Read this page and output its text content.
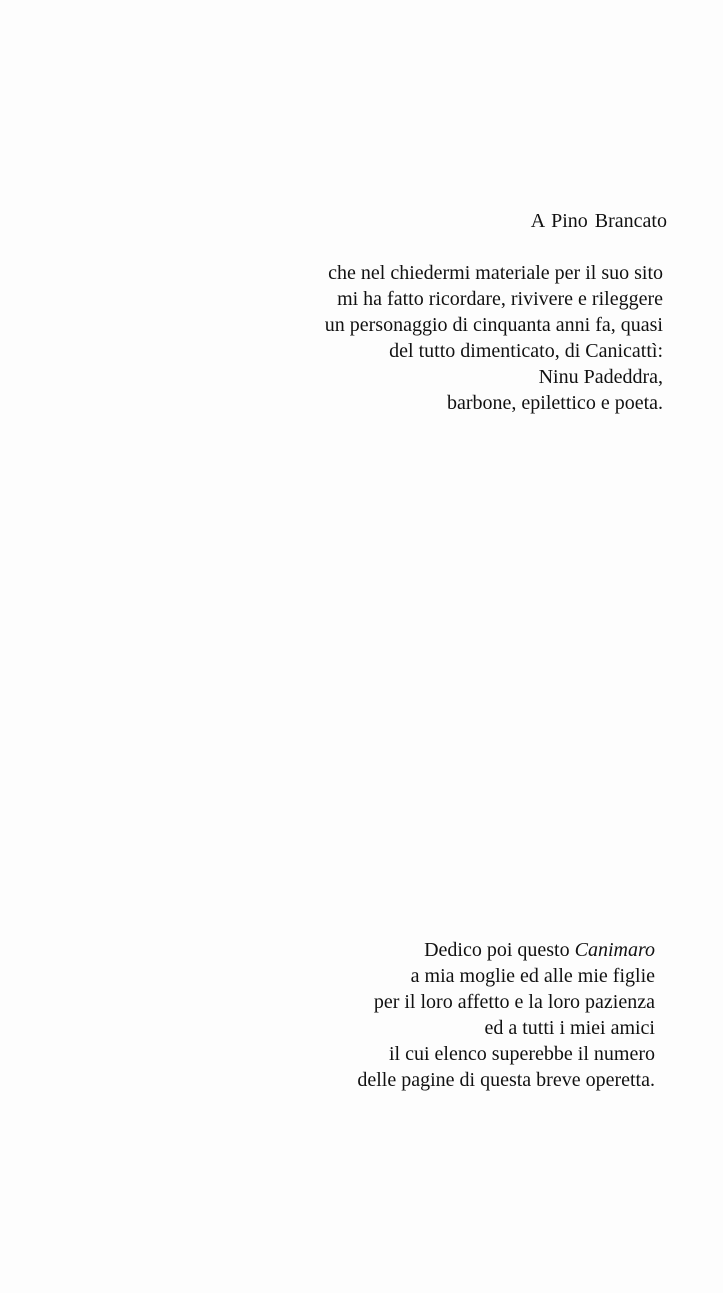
A Pino Brancato
che nel chiedermi materiale per il suo sito
mi ha fatto ricordare, rivivere e rileggere
un personaggio di cinquanta anni fa, quasi
del tutto dimenticato, di Canicattì:
Ninu Padeddra,
barbone, epilettico e poeta.
Dedico poi questo Canimaro
a mia moglie ed alle mie figlie
per il loro affetto e la loro pazienza
ed a tutti i miei amici
il cui elenco superebbe il numero
delle pagine di questa breve operetta.
